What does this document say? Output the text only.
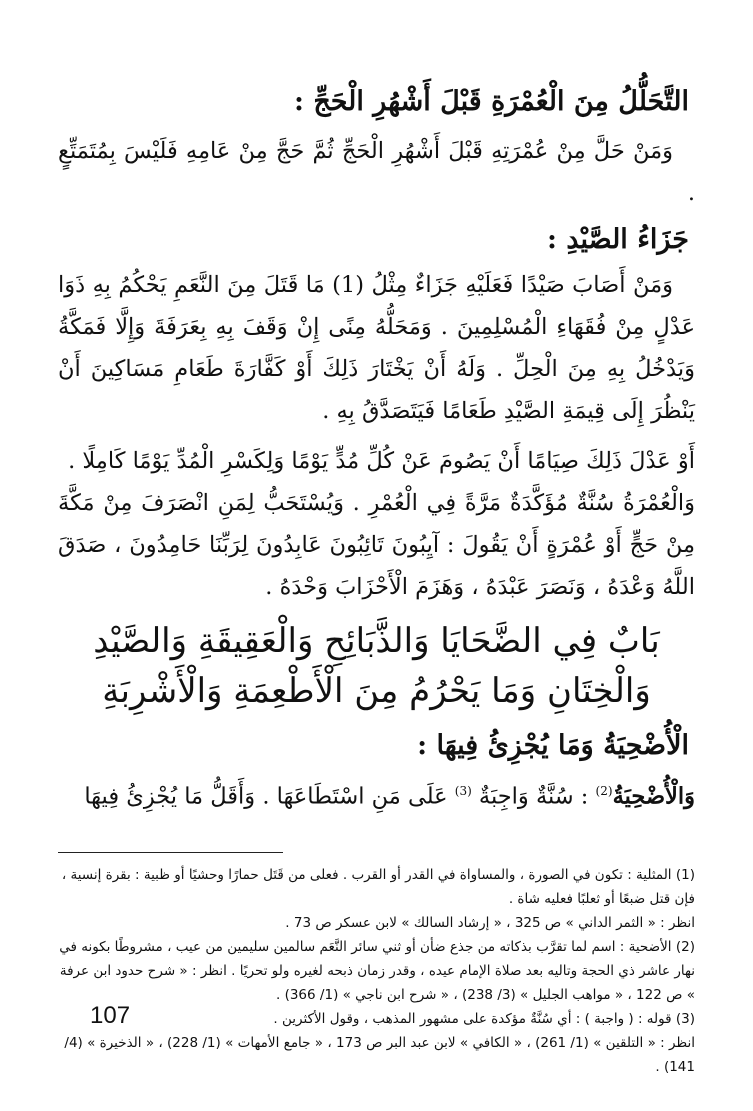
التَّحَلُّلُ مِنَ الْعُمْرَةِ قَبْلَ أَشْهُرِ الْحَجِّ :

وَمَنْ حَلَّ مِنْ عُمْرَتِهِ قَبْلَ أَشْهُرِ الْحَجِّ ثُمَّ حَجَّ مِنْ عَامِهِ فَلَيْسَ بِمُتَمَتِّعٍ .

جَزَاءُ الصَّيْدِ :

وَمَنْ أَصَابَ صَيْدًا فَعَلَيْهِ جَزَاءٌ مِثْلُ (1) مَا قَتَلَ مِنَ النَّعَمِ يَحْكُمُ بِهِ ذَوَا عَدْلٍ مِنْ فُقَهَاءِ الْمُسْلِمِينَ . وَمَحَلُّهُ مِنًى إِنْ وَقَفَ بِهِ بِعَرَفَةَ وَإِلَّا فَمَكَّةُ وَيَدْخُلُ بِهِ مِنَ الْحِلِّ . وَلَهُ أَنْ يَخْتَارَ ذَلِكَ أَوْ كَفَّارَةَ طَعَامِ مَسَاكِينَ أَنْ يَنْظُرَ إِلَى قِيمَةِ الصَّيْدِ طَعَامًا فَيَتَصَدَّقُ بِهِ .

أَوْ عَدْلَ ذَلِكَ صِيَامًا أَنْ يَصُومَ عَنْ كُلِّ مُدٍّ يَوْمًا وَلِكَسْرِ الْمُدِّ يَوْمًا كَامِلًا .

وَالْعُمْرَةُ سُنَّةٌ مُؤَكَّدَةٌ مَرَّةً فِي الْعُمْرِ . وَيُسْتَحَبُّ لِمَنِ انْصَرَفَ مِنْ مَكَّةَ مِنْ حَجٍّ أَوْ عُمْرَةٍ أَنْ يَقُولَ : آيِبُونَ تَائِبُونَ عَابِدُونَ لِرَبِّنَا حَامِدُونَ ، صَدَقَ اللَّهُ وَعْدَهُ ، وَنَصَرَ عَبْدَهُ ، وَهَزَمَ الْأَحْزَابَ وَحْدَهُ .

بَابٌ فِي الضَّحَايَا وَالذَّبَائِحِ وَالْعَقِيقَةِ وَالصَّيْدِ
وَالْخِتَانِ وَمَا يَحْرُمُ مِنَ الْأَطْعِمَةِ وَالْأَشْرِبَةِ
الْأُضْحِيَةُ وَمَا يُجْزِئُ فِيهَا :

وَالْأُضْحِيَةُ$^{(2)}$ : سُنَّةٌ وَاجِبَةٌ $^{(3)}$ عَلَى مَنِ اسْتَطَاعَهَا . وَأَقَلُّ مَا يُجْزِئُ فِيهَا

(1) المثلية : تكون في الصورة ، والمساواة في القدر أو القرب . فعلى من قَتَل حمارًا وحشيًا أو ظبية : بقرة إنسية ، فإن قتل ضبعًا أو ثعلبًا فعليه شاة .

انظر : « الثمر الداني » ص 325 ، « إرشاد السالك » لابن عسكر ص 73 .

(2) الأضحية : اسم لما تقرَّب بذكاته من جذع ضأن أو ثني سائر النَّعَم سالمين سليمين من عيب ، مشروطًا بكونه في نهار عاشر ذي الحجة وتاليه بعد صلاة الإمام عيده ، وقدر زمان ذبحه لغيره ولو تحريًا . انظر : « شرح حدود ابن عرفة » ص 122 ، « مواهب الجليل » (3/ 238) ، « شرح ابن ناجي » (1/ 366) .

(3) قوله : ( واجبة ) : أي سُنَّةٌ مؤكدة على مشهور المذهب ، وقول الأكثرين .

انظر : « التلقين » (1/ 261) ، « الكافي » لابن عبد البر ص 173 ، « جامع الأمهات » (1/ 228) ، « الذخيرة » (4/ 141) .

107
